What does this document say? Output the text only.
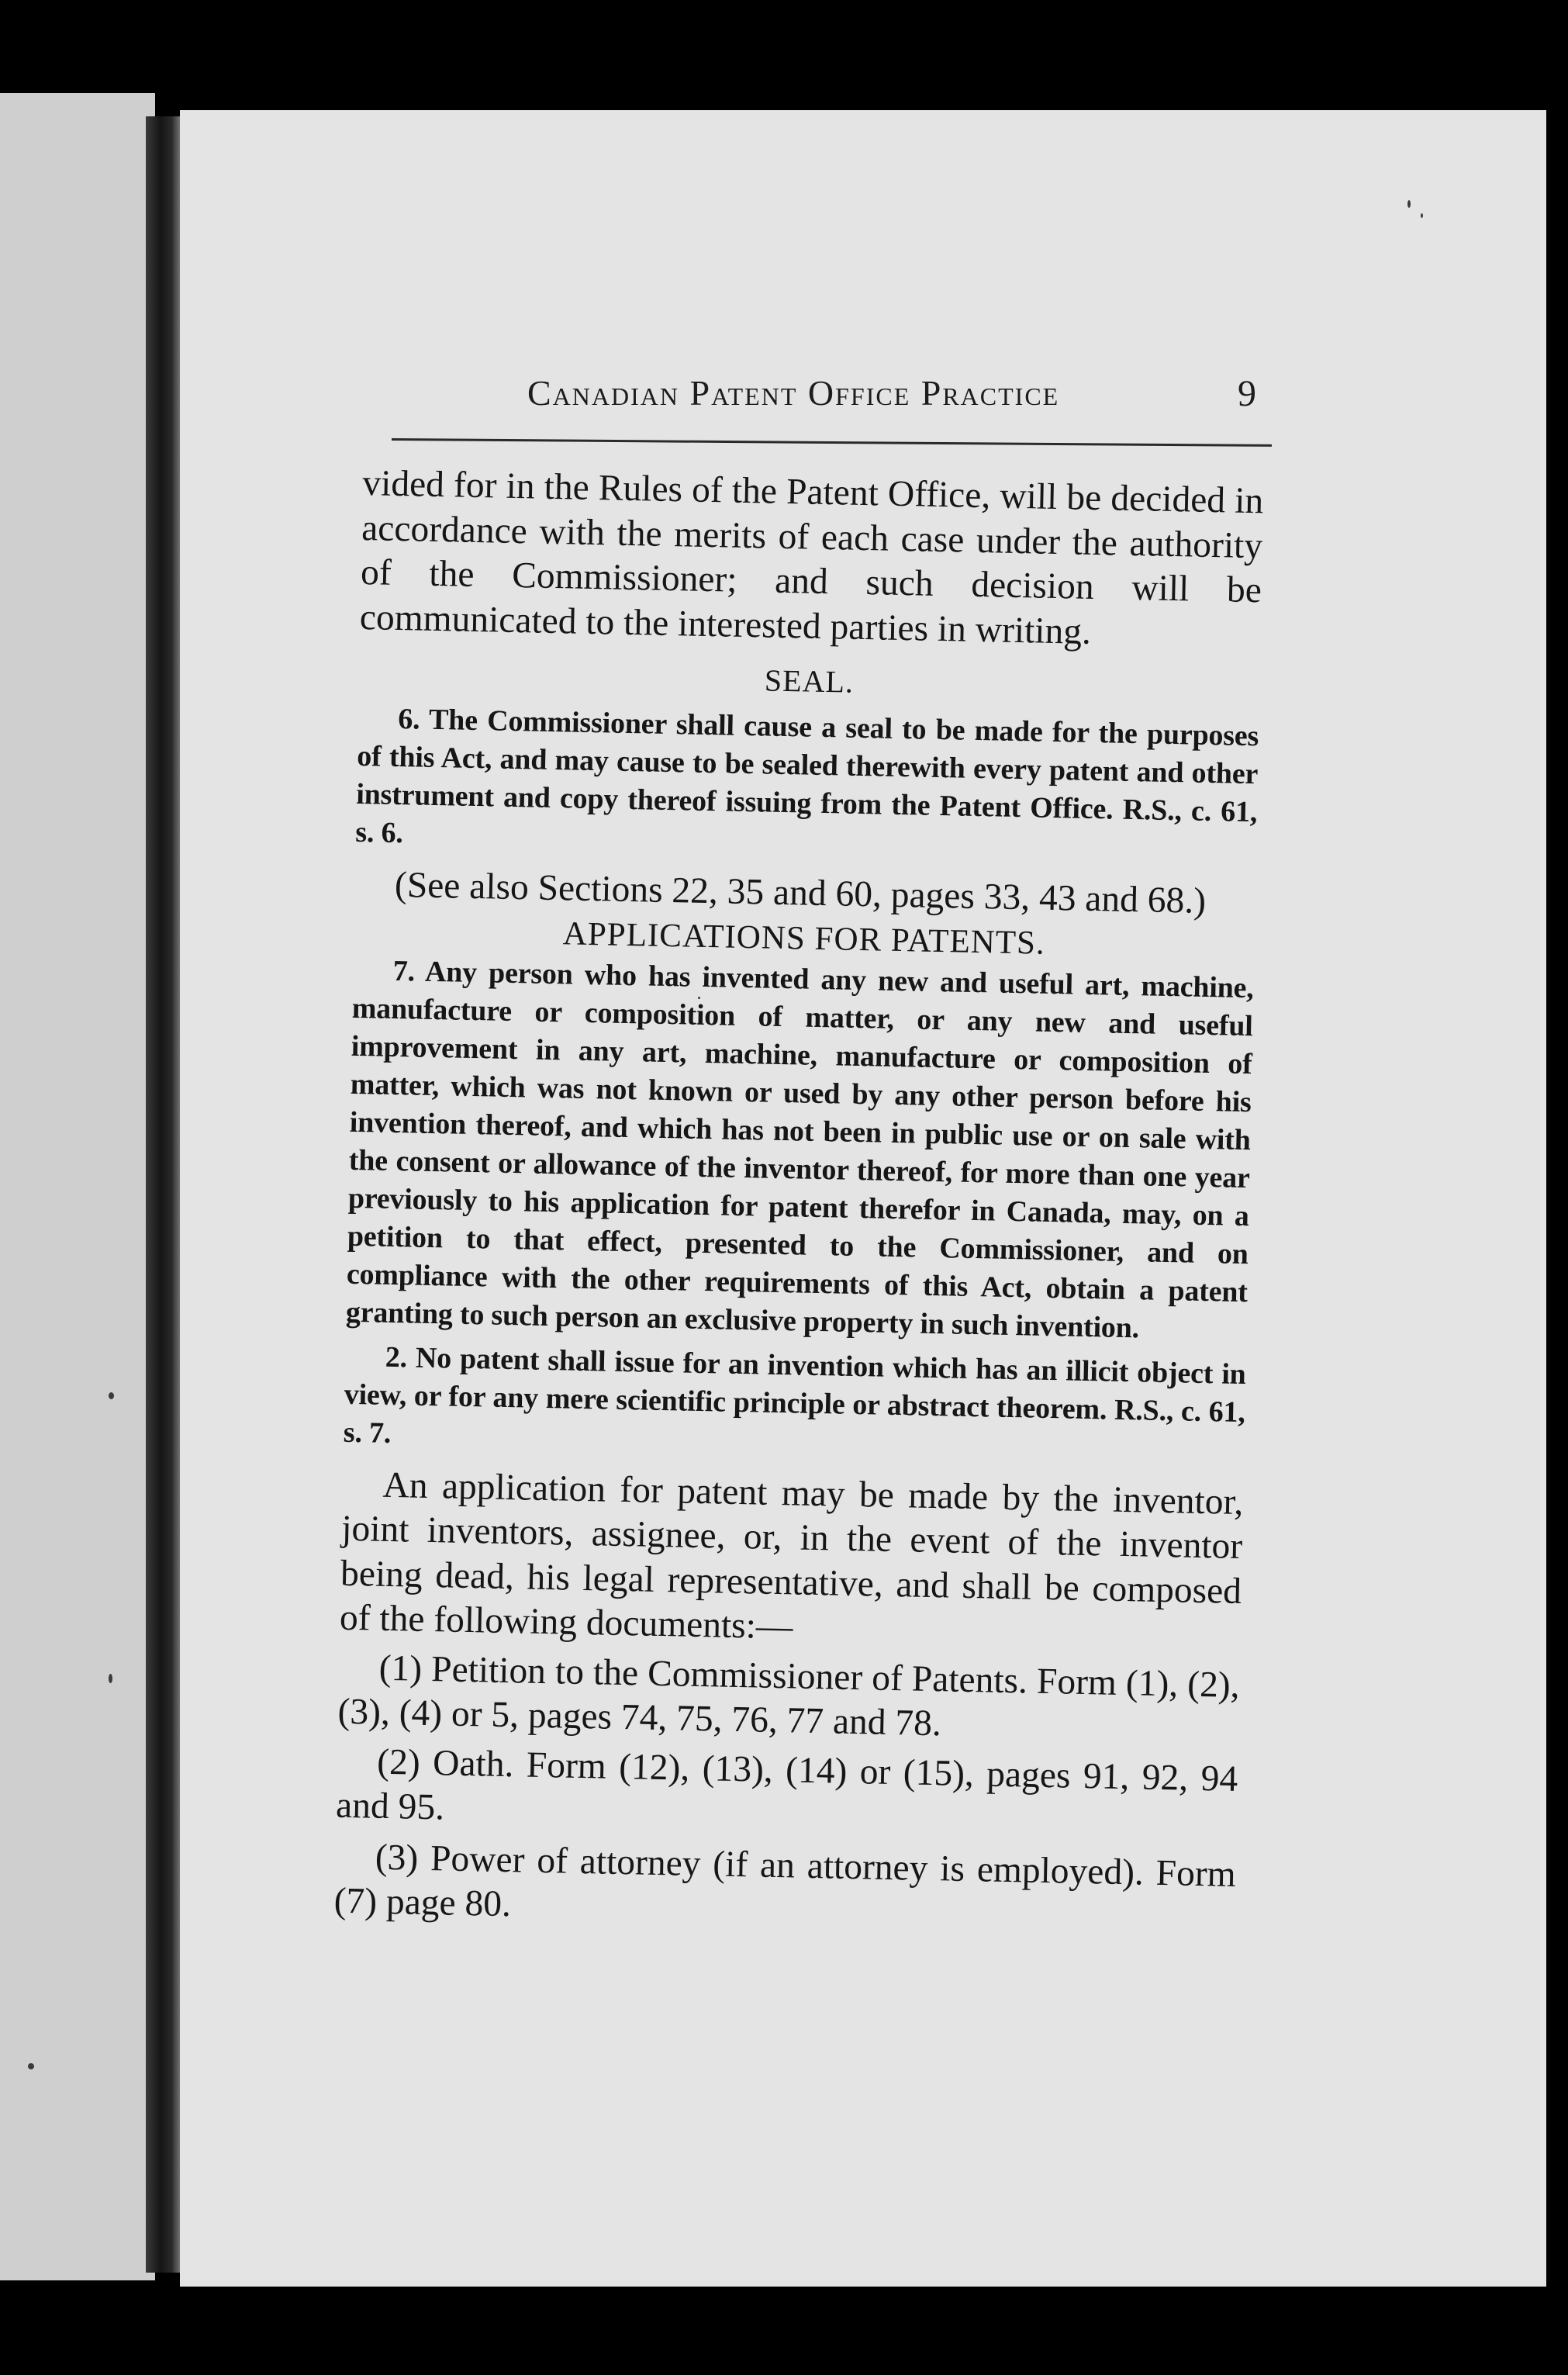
Canadian Patent Office Practice	9

vided for in the Rules of the Patent Office, will be decided in accordance with the merits of each case under the authority of the Commissioner; and such decision will be communicated to the interested parties in writing.

SEAL.

6. The Commissioner shall cause a seal to be made for the purposes of this Act, and may cause to be sealed therewith every patent and other instrument and copy thereof issuing from the Patent Office. R.S., c. 61, s. 6.

(See also Sections 22, 35 and 60, pages 33, 43 and 68.)

APPLICATIONS FOR PATENTS.

7. Any person who has invented any new and useful art, machine, manufacture or composition of matter, or any new and useful improvement in any art, machine, manufacture or composition of matter, which was not known or used by any other person before his invention thereof, and which has not been in public use or on sale with the consent or allowance of the inventor thereof, for more than one year previously to his application for patent therefor in Canada, may, on a petition to that effect, presented to the Commissioner, and on compliance with the other requirements of this Act, obtain a patent granting to such person an exclusive property in such invention.

2. No patent shall issue for an invention which has an illicit object in view, or for any mere scientific principle or abstract theorem. R.S., c. 61, s. 7.

An application for patent may be made by the inventor, joint inventors, assignee, or, in the event of the inventor being dead, his legal representative, and shall be composed of the following documents:—

(1) Petition to the Commissioner of Patents. Form (1), (2), (3), (4) or 5, pages 74, 75, 76, 77 and 78.

(2) Oath. Form (12), (13), (14) or (15), pages 91, 92, 94 and 95.

(3) Power of attorney (if an attorney is employed). Form (7) page 80.
